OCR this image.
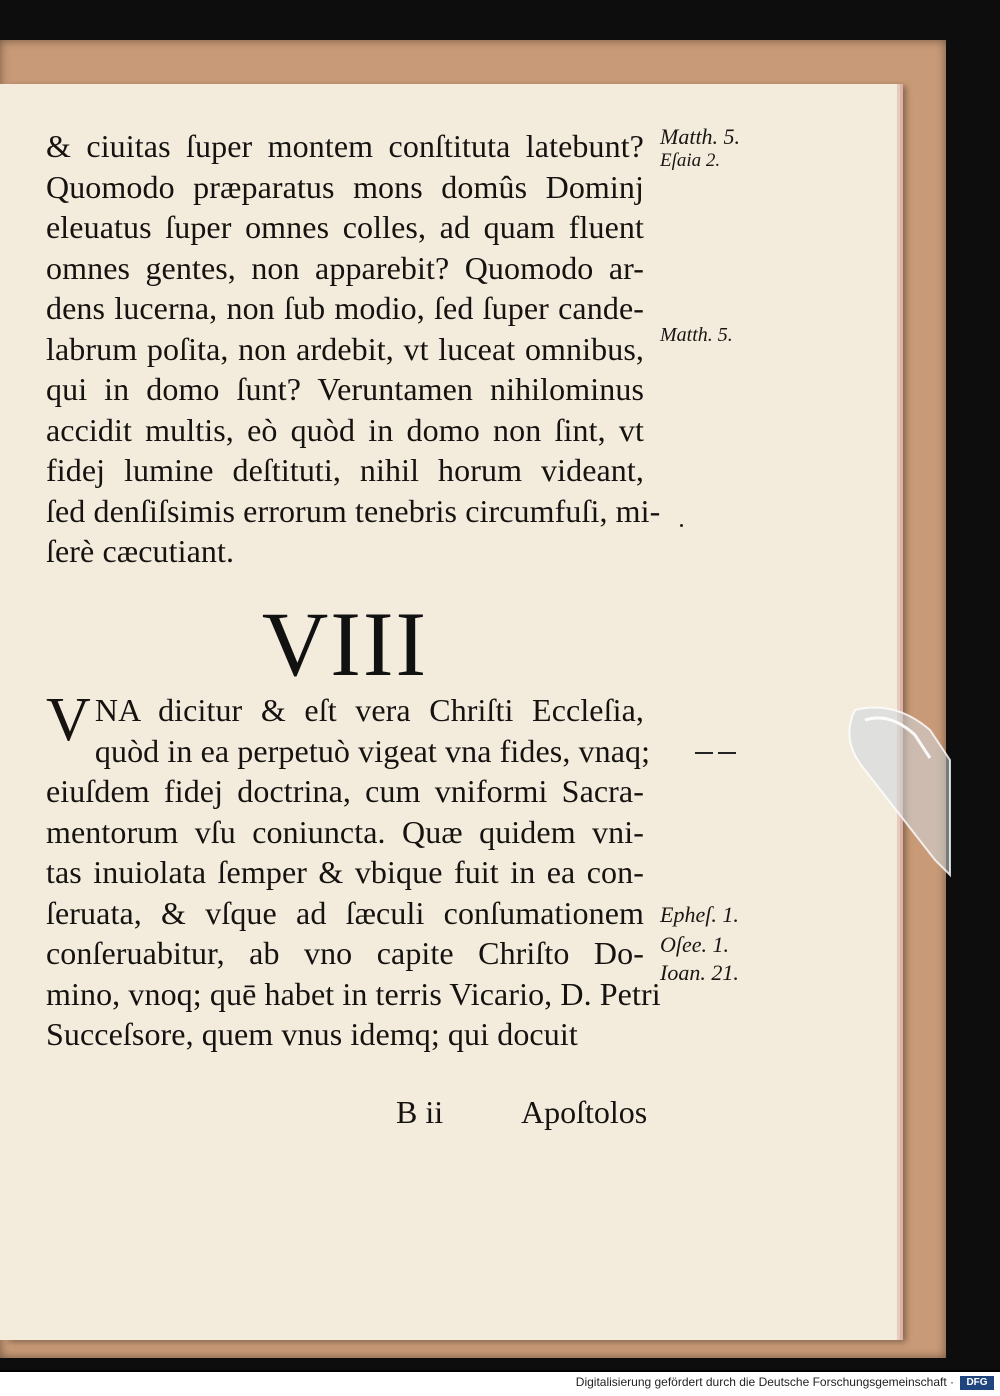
& ciuitas ſuper montem conſtituta latebunt?
Quomodo præparatus mons domûs Dominj
eleuatus ſuper omnes colles, ad quam fluent
omnes gentes, non apparebit? Quomodo ar-
dens lucerna, non ſub modio, ſed ſuper cande-
labrum poſita, non ardebit, vt luceat omnibus,
qui in domo ſunt? Veruntamen nihilominus
accidit multis, eò quòd in domo non ſint, vt
fidej lumine deſtituti, nihil horum videant,
ſed denſiſsimis errorum tenebris circumfuſi, mi-
ſerè cæcutiant.
VIII
V NA dicitur & eſt vera Chriſti Eccleſia,
quòd in ea perpetuò vigeat vna fides, vnaq;
eiuſdem fidej doctrina, cum vniformi Sacra-
mentorum vſu coniuncta. Quæ quidem vni-
tas inuiolata ſemper & vbique fuit in ea con-
ſeruata, & vſque ad ſæculi conſumationem
conſeruabitur, ab vno capite Chriſto Do-
mino, vnoq; quē habet in terris Vicario, D. Petri
Succeſsore, quem vnus idemq; qui docuit
B ii Apoſtolos
Matth. 5.
Eſaia 2.
Matth. 5.
Epheſ. 1.
Oſee. 1.
Ioan. 21.
Digitalisierung gefördert durch die Deutsche Forschungsgemeinschaft ·	DFG
